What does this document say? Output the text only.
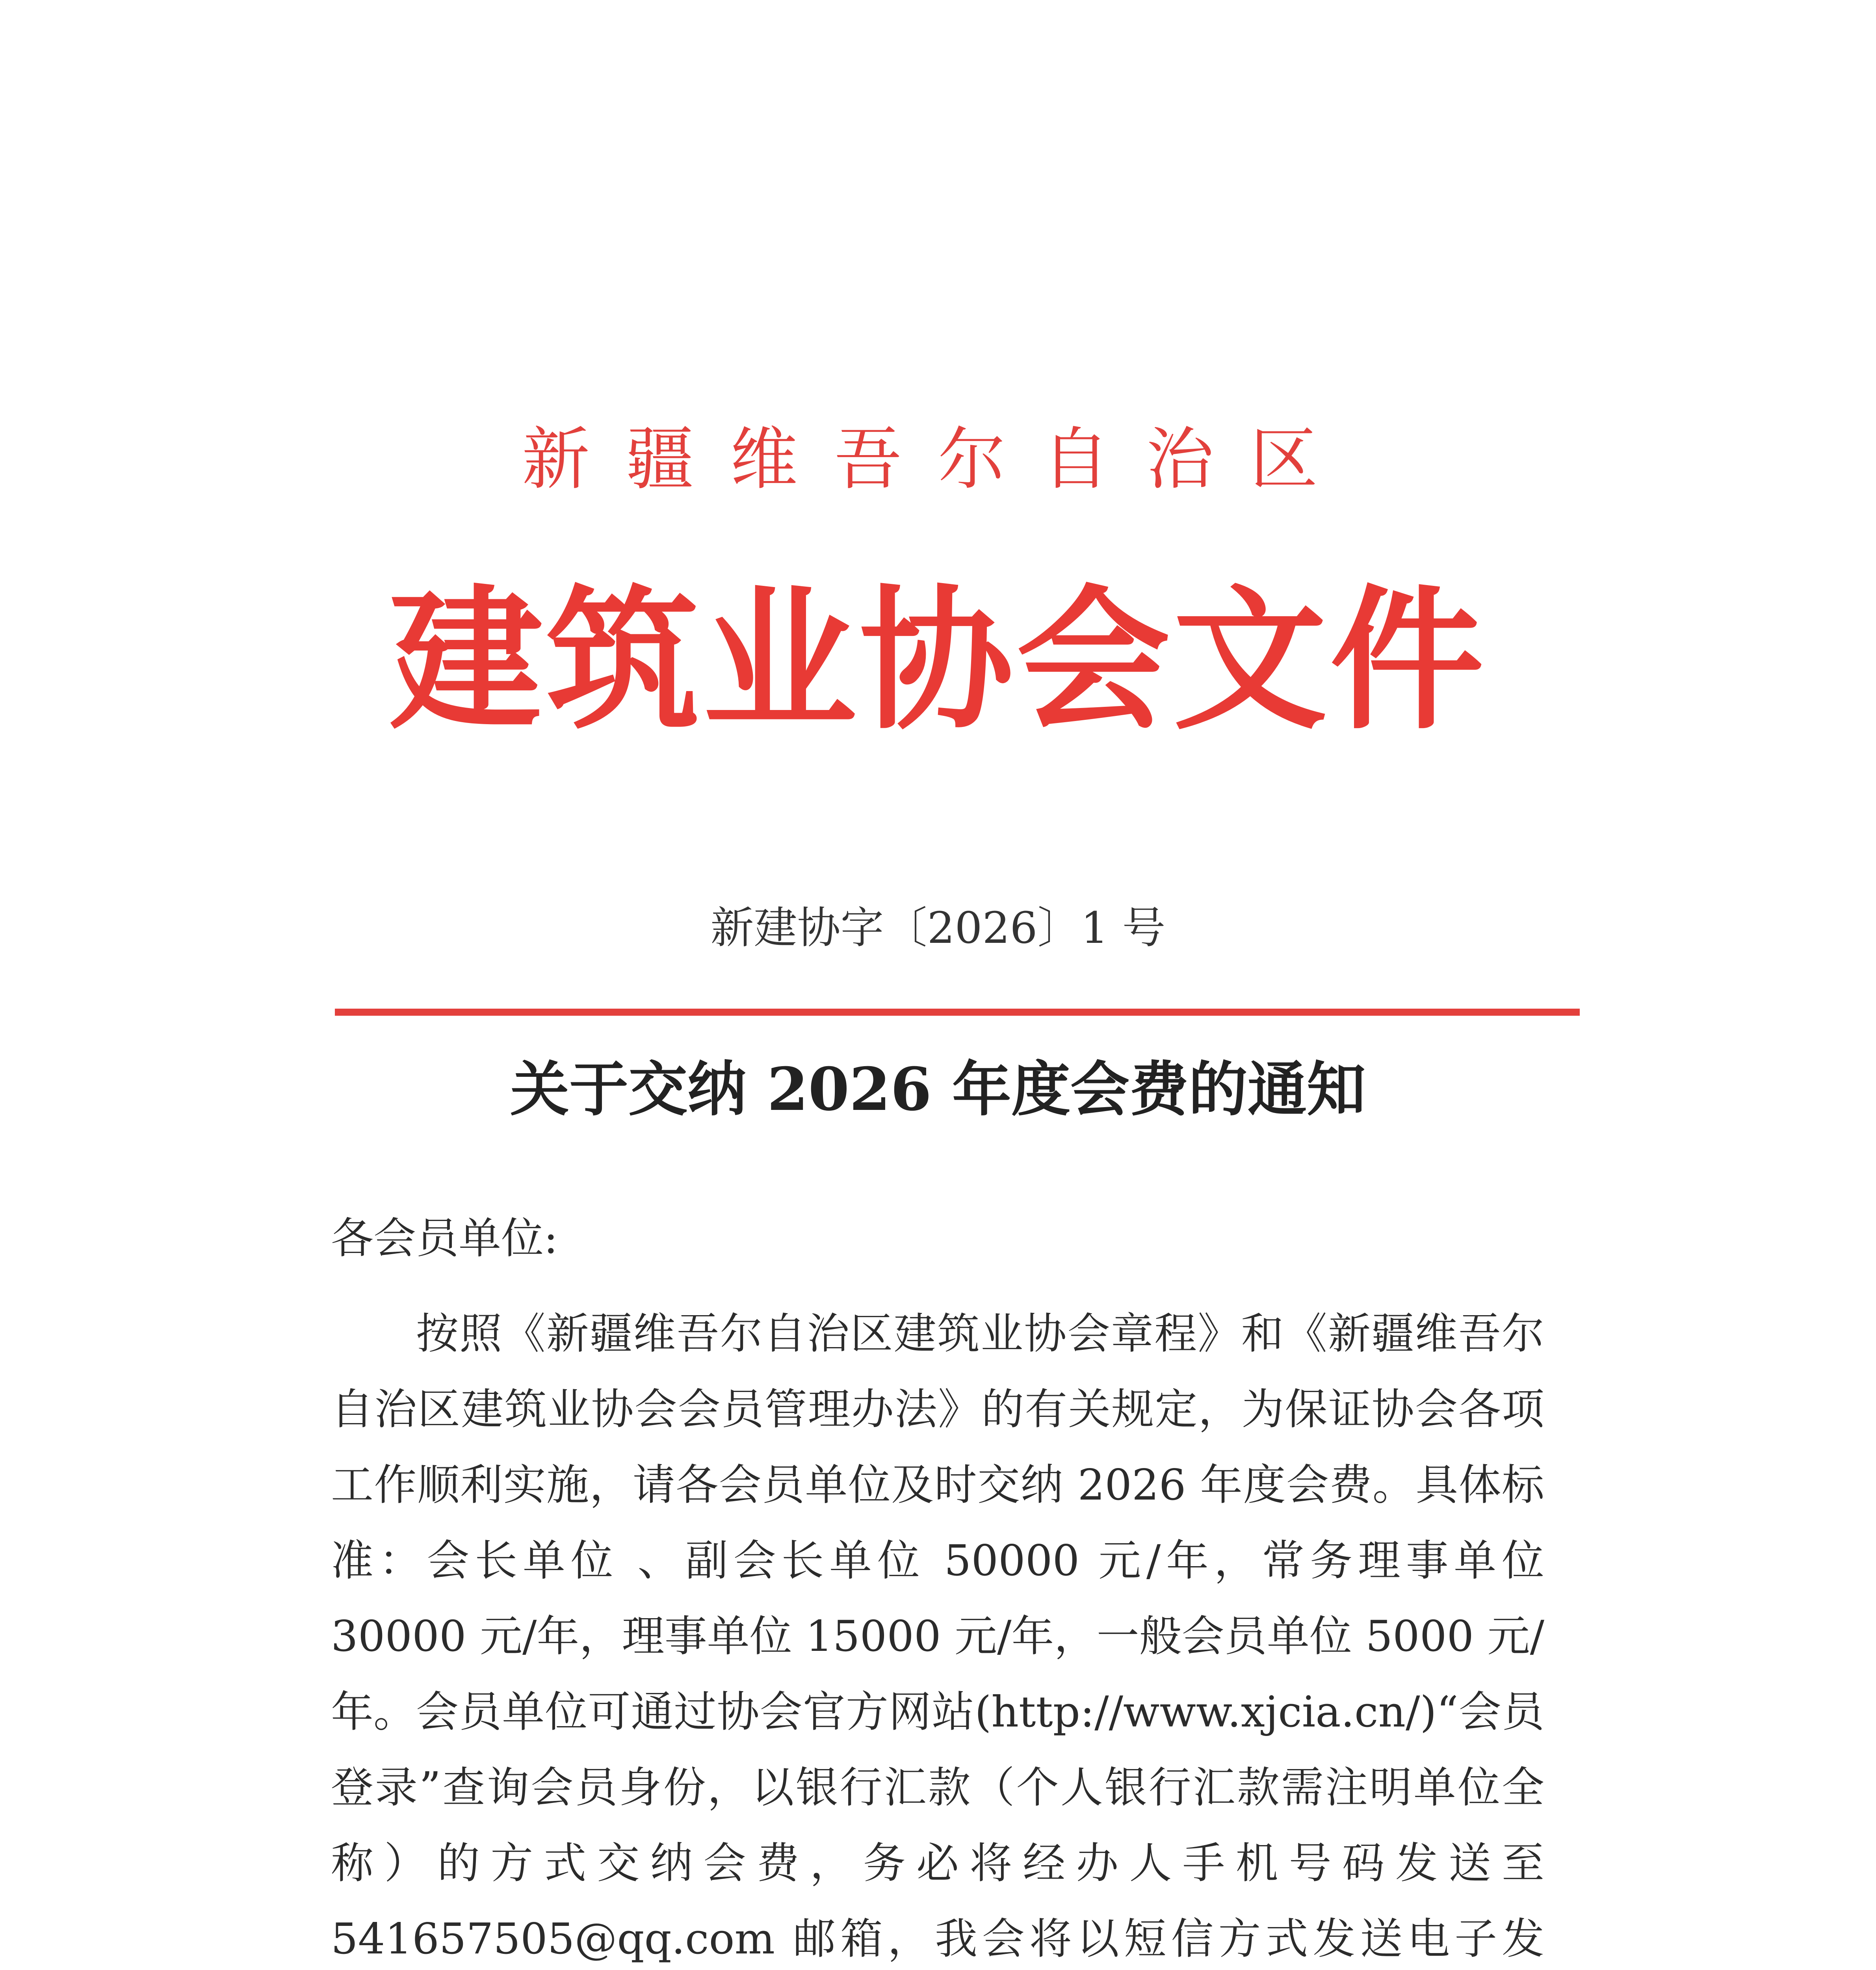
新疆维吾尔自治区
建筑业协会文件
新建协字〔2026〕1 号
关于交纳 2026 年度会费的通知
各会员单位:

按照《新疆维吾尔自治区建筑业协会章程》和《新疆维吾尔自治区建筑业协会会员管理办法》的有关规定，为保证协会各项工作顺利实施，请各会员单位及时交纳 2026 年度会费。具体标准：会长单位 、副会长单位 50000 元/年，常务理事单位 30000 元/年，理事单位 15000 元/年，一般会员单位 5000 元/年。 会员单位可通过协会官方网站(http://www.xjcia.cn/)“会员登录”查询会员身份，以银行汇款（个人银行汇款需注明单位全称）的方式交纳会费，务必将经办人手机号码发送至 541657505@qq.com 邮箱，我会将以短信方式发送电子发
